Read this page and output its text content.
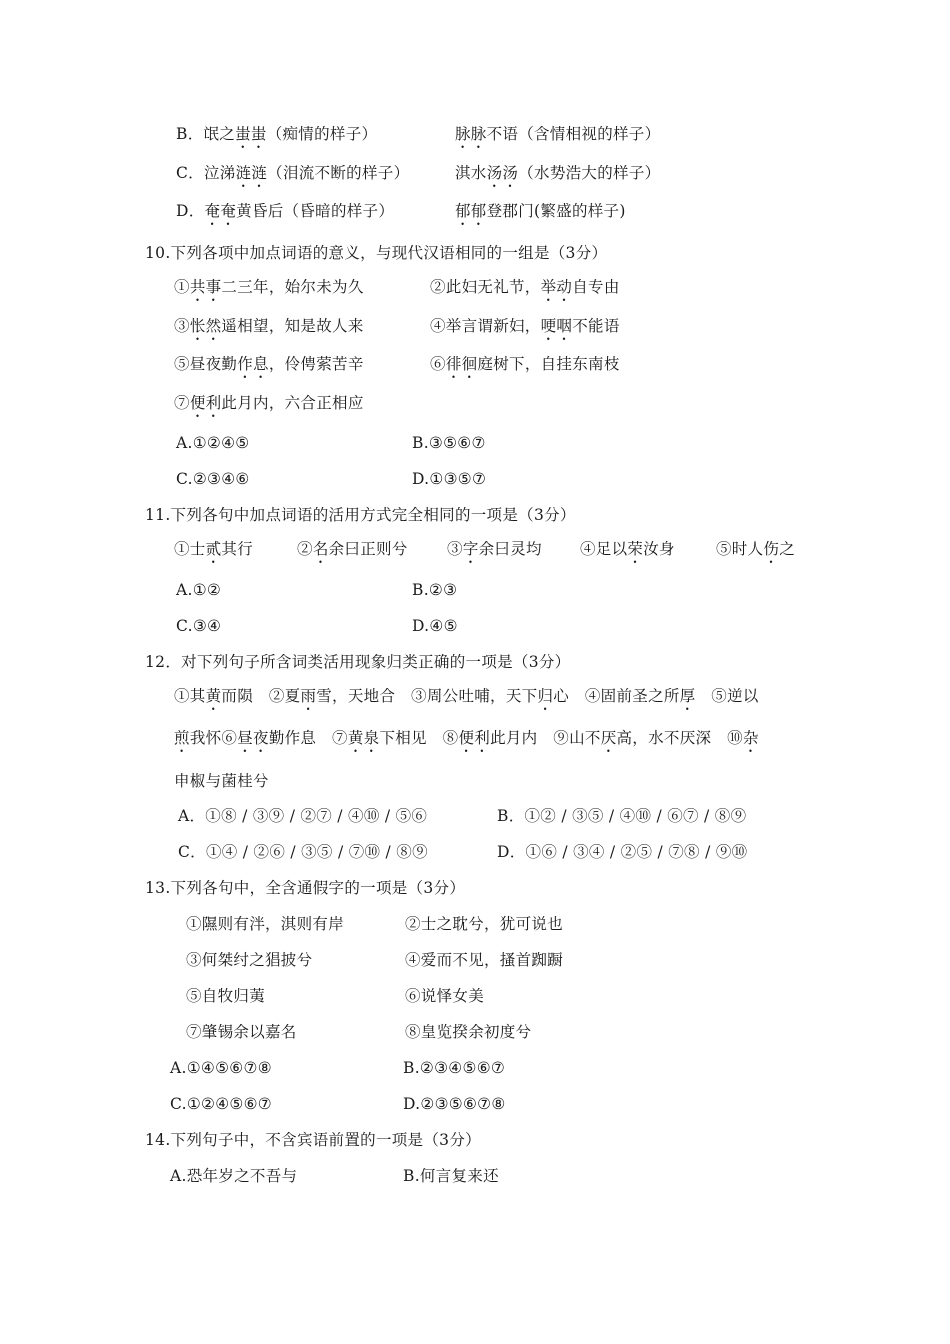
B．氓之蚩蚩（痴情的样子）	脉脉不语（含情相视的样子）
C．泣涕涟涟（泪流不断的样子）	淇水汤汤（水势浩大的样子）
D．奄奄黄昏后（昏暗的样子）	郁郁登郡门(繁盛的样子)
10.下列各项中加点词语的意义，与现代汉语相同的一组是（3分）
①共事二三年，始尔未为久	②此妇无礼节，举动自专由
③怅然遥相望，知是故人来	④举言谓新妇，哽咽不能语
⑤昼夜勤作息，伶俜萦苦辛	⑥徘徊庭树下，自挂东南枝
⑦便利此月内，六合正相应
A.①②④⑤	B.③⑤⑥⑦
C.②③④⑥	D.①③⑤⑦
11.下列各句中加点词语的活用方式完全相同的一项是（3分）
①士贰其行	②名余曰正则兮	③字余曰灵均 ④足以荣汝身	⑤时人伤之
A.①②	B.②③
C.③④	D.④⑤
12．对下列句子所含词类活用现象归类正确的一项是（3分）
①其黄而陨　②夏雨雪，天地合　③周公吐哺，天下归心　④固前圣之所厚　⑤逆以
煎我怀⑥昼夜勤作息　⑦黄泉下相见　⑧便利此月内　⑨山不厌高，水不厌深　⑩杂
申椒与菌桂兮
A．①⑧ / ③⑨ / ②⑦ / ④⑩ / ⑤⑥	B．①② / ③⑤ / ④⑩ / ⑥⑦ / ⑧⑨
C．①④ / ②⑥ / ③⑤ / ⑦⑩ / ⑧⑨	D．①⑥ / ③④ / ②⑤ / ⑦⑧ / ⑨⑩
13.下列各句中，全含通假字的一项是（3分）
①隰则有泮，淇则有岸	②士之耽兮，犹可说也
③何桀纣之猖披兮	④爱而不见，搔首踟蹰
⑤自牧归荑	⑥说怿女美
⑦肇锡余以嘉名	⑧皇览揆余初度兮
A.①④⑤⑥⑦⑧	B.②③④⑤⑥⑦
C.①②④⑤⑥⑦	D.②③⑤⑥⑦⑧
14.下列句子中，不含宾语前置的一项是（3分）
A.恐年岁之不吾与	B.何言复来还
